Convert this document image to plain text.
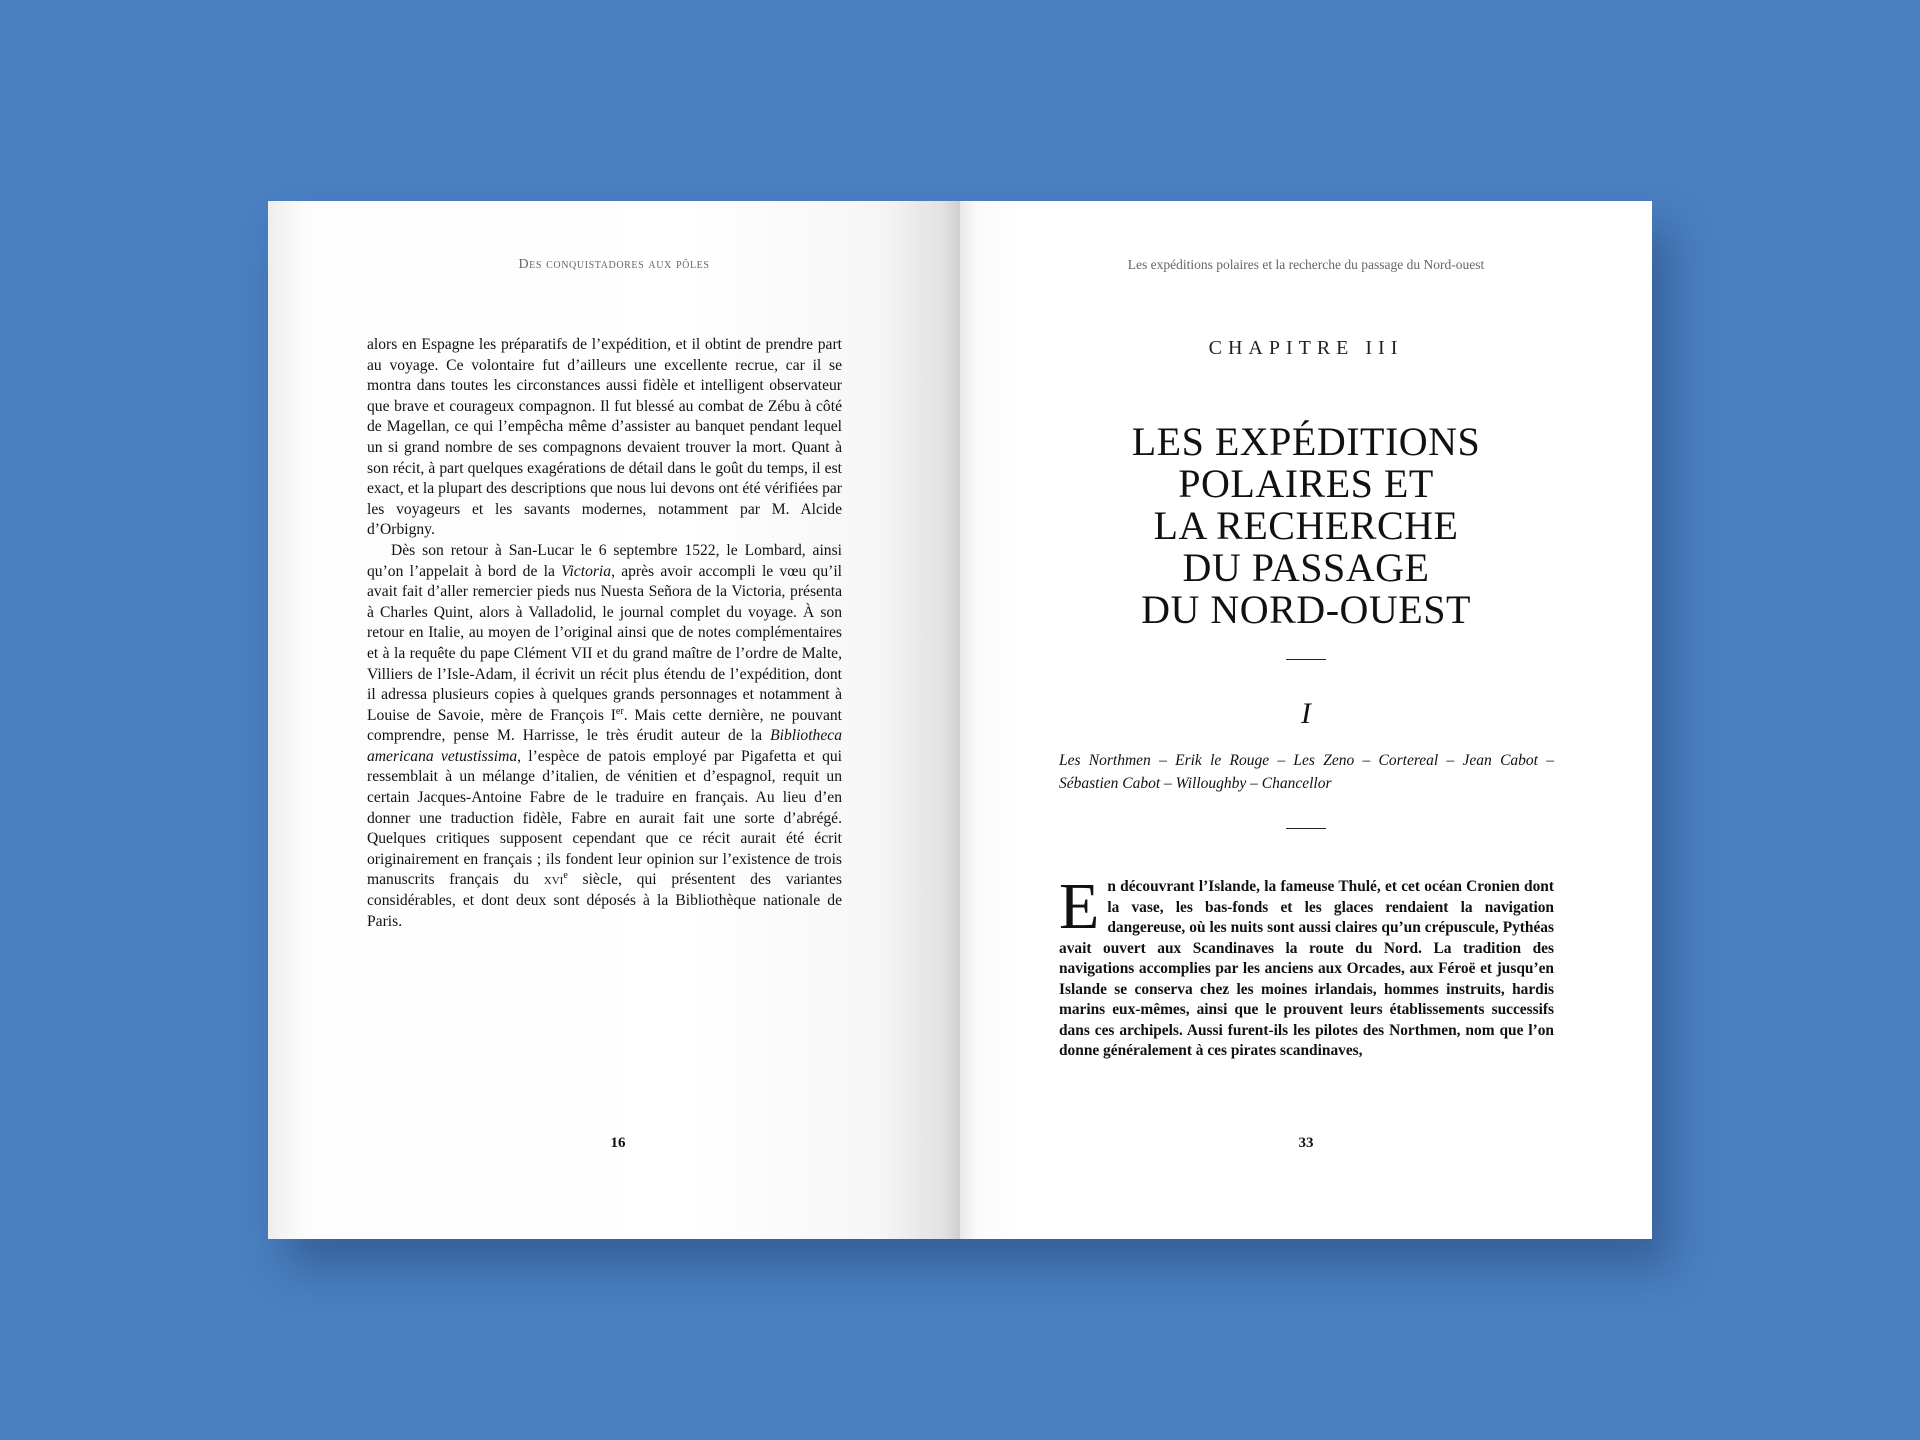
Des conquistadores aux pôles

alors en Espagne les préparatifs de l’expédition, et il obtint de prendre part au voyage. Ce volontaire fut d’ailleurs une excellente recrue, car il se montra dans toutes les circonstances aussi fidèle et intelligent observateur que brave et courageux compagnon. Il fut blessé au combat de Zébu à côté de Magellan, ce qui l’empêcha même d’assister au banquet pendant lequel un si grand nombre de ses compagnons devaient trouver la mort. Quant à son récit, à part quelques exagérations de détail dans le goût du temps, il est exact, et la plupart des descriptions que nous lui devons ont été vérifiées par les voyageurs et les savants modernes, notamment par M. Alcide d’Orbigny.

Dès son retour à San-Lucar le 6 septembre 1522, le Lombard, ainsi qu’on l’appelait à bord de la Victoria, après avoir accompli le vœu qu’il avait fait d’aller remercier pieds nus Nuesta Señora de la Victoria, présenta à Charles Quint, alors à Valladolid, le journal complet du voyage. À son retour en Italie, au moyen de l’original ainsi que de notes complémentaires et à la requête du pape Clément VII et du grand maître de l’ordre de Malte, Villiers de l’Isle-Adam, il écrivit un récit plus étendu de l’expédition, dont il adressa plusieurs copies à quelques grands personnages et notamment à Louise de Savoie, mère de François Ier. Mais cette dernière, ne pouvant comprendre, pense M. Harrisse, le très érudit auteur de la Bibliotheca americana vetustissima, l’espèce de patois employé par Pigafetta et qui ressemblait à un mélange d’italien, de vénitien et d’espagnol, requit un certain Jacques-Antoine Fabre de le traduire en français. Au lieu d’en donner une traduction fidèle, Fabre en aurait fait une sorte d’abrégé. Quelques critiques supposent cependant que ce récit aurait été écrit originairement en français ; ils fondent leur opinion sur l’existence de trois manuscrits français du xvi$^e$ siècle, qui présentent des variantes considérables, et dont deux sont déposés à la Bibliothèque nationale de Paris.

16
Les expéditions polaires et la recherche du passage du Nord-ouest
CHAPITRE III
LES EXPÉDITIONS
POLAIRES ET
LA RECHERCHE
DU PASSAGE
DU NORD-OUEST
I
Les Northmen – Erik le Rouge – Les Zeno – Cortereal – Jean Cabot – Sébastien Cabot – Willoughby – Chancellor

En découvrant l’Islande, la fameuse Thulé, et cet océan Cronien dont la vase, les bas-fonds et les glaces rendaient la navigation dangereuse, où les nuits sont aussi claires qu’un crépuscule, Pythéas avait ouvert aux Scandinaves la route du Nord. La tradition des navigations accomplies par les anciens aux Orcades, aux Féroë et jusqu’en Islande se conserva chez les moines irlandais, hommes instruits, hardis marins eux-mêmes, ainsi que le prouvent leurs établissements successifs dans ces archipels. Aussi furent-ils les pilotes des Northmen, nom que l’on donne généralement à ces pirates scandinaves,

33
